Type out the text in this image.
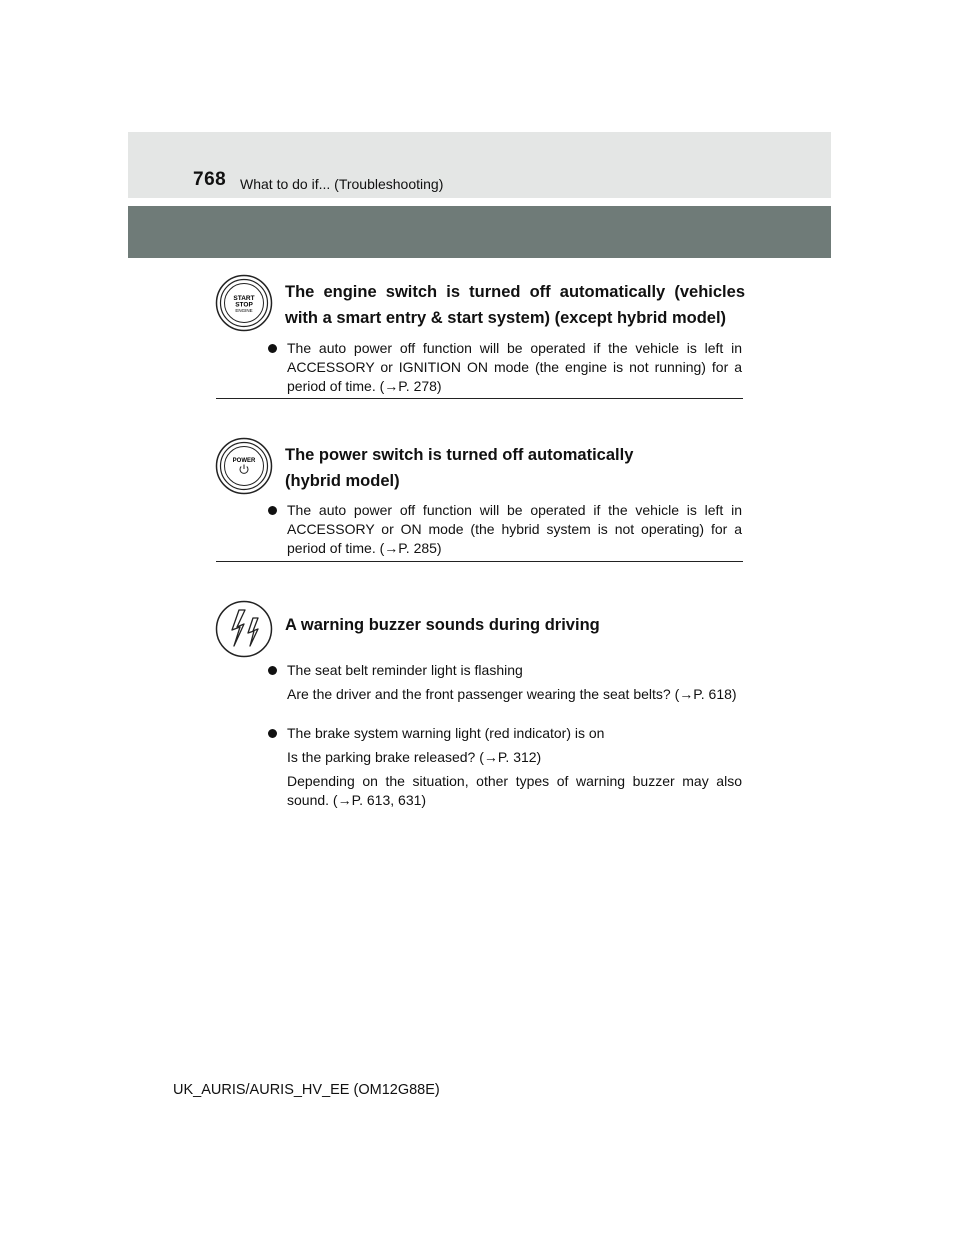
768 What to do if... (Troubleshooting)
START
STOP
ENGINE
The engine switch is turned off automatically (vehicles with a smart entry & start system) (except hybrid model)
The auto power off function will be operated if the vehicle is left in ACCESSORY or IGNITION ON mode (the engine is not running) for a period of time. (→P. 278)
POWER The power switch is turned off automatically
(hybrid model)
The auto power off function will be operated if the vehicle is left in ACCESSORY or ON mode (the hybrid system is not operating) for a period of time. (→P. 285)
A warning buzzer sounds during driving
The seat belt reminder light is flashing
Are the driver and the front passenger wearing the seat belts? (→P. 618)
The brake system warning light (red indicator) is on
Is the parking brake released? (→P. 312)
Depending on the situation, other types of warning buzzer may also sound. (→P. 613, 631)
UK_AURIS/AURIS_HV_EE (OM12G88E)
